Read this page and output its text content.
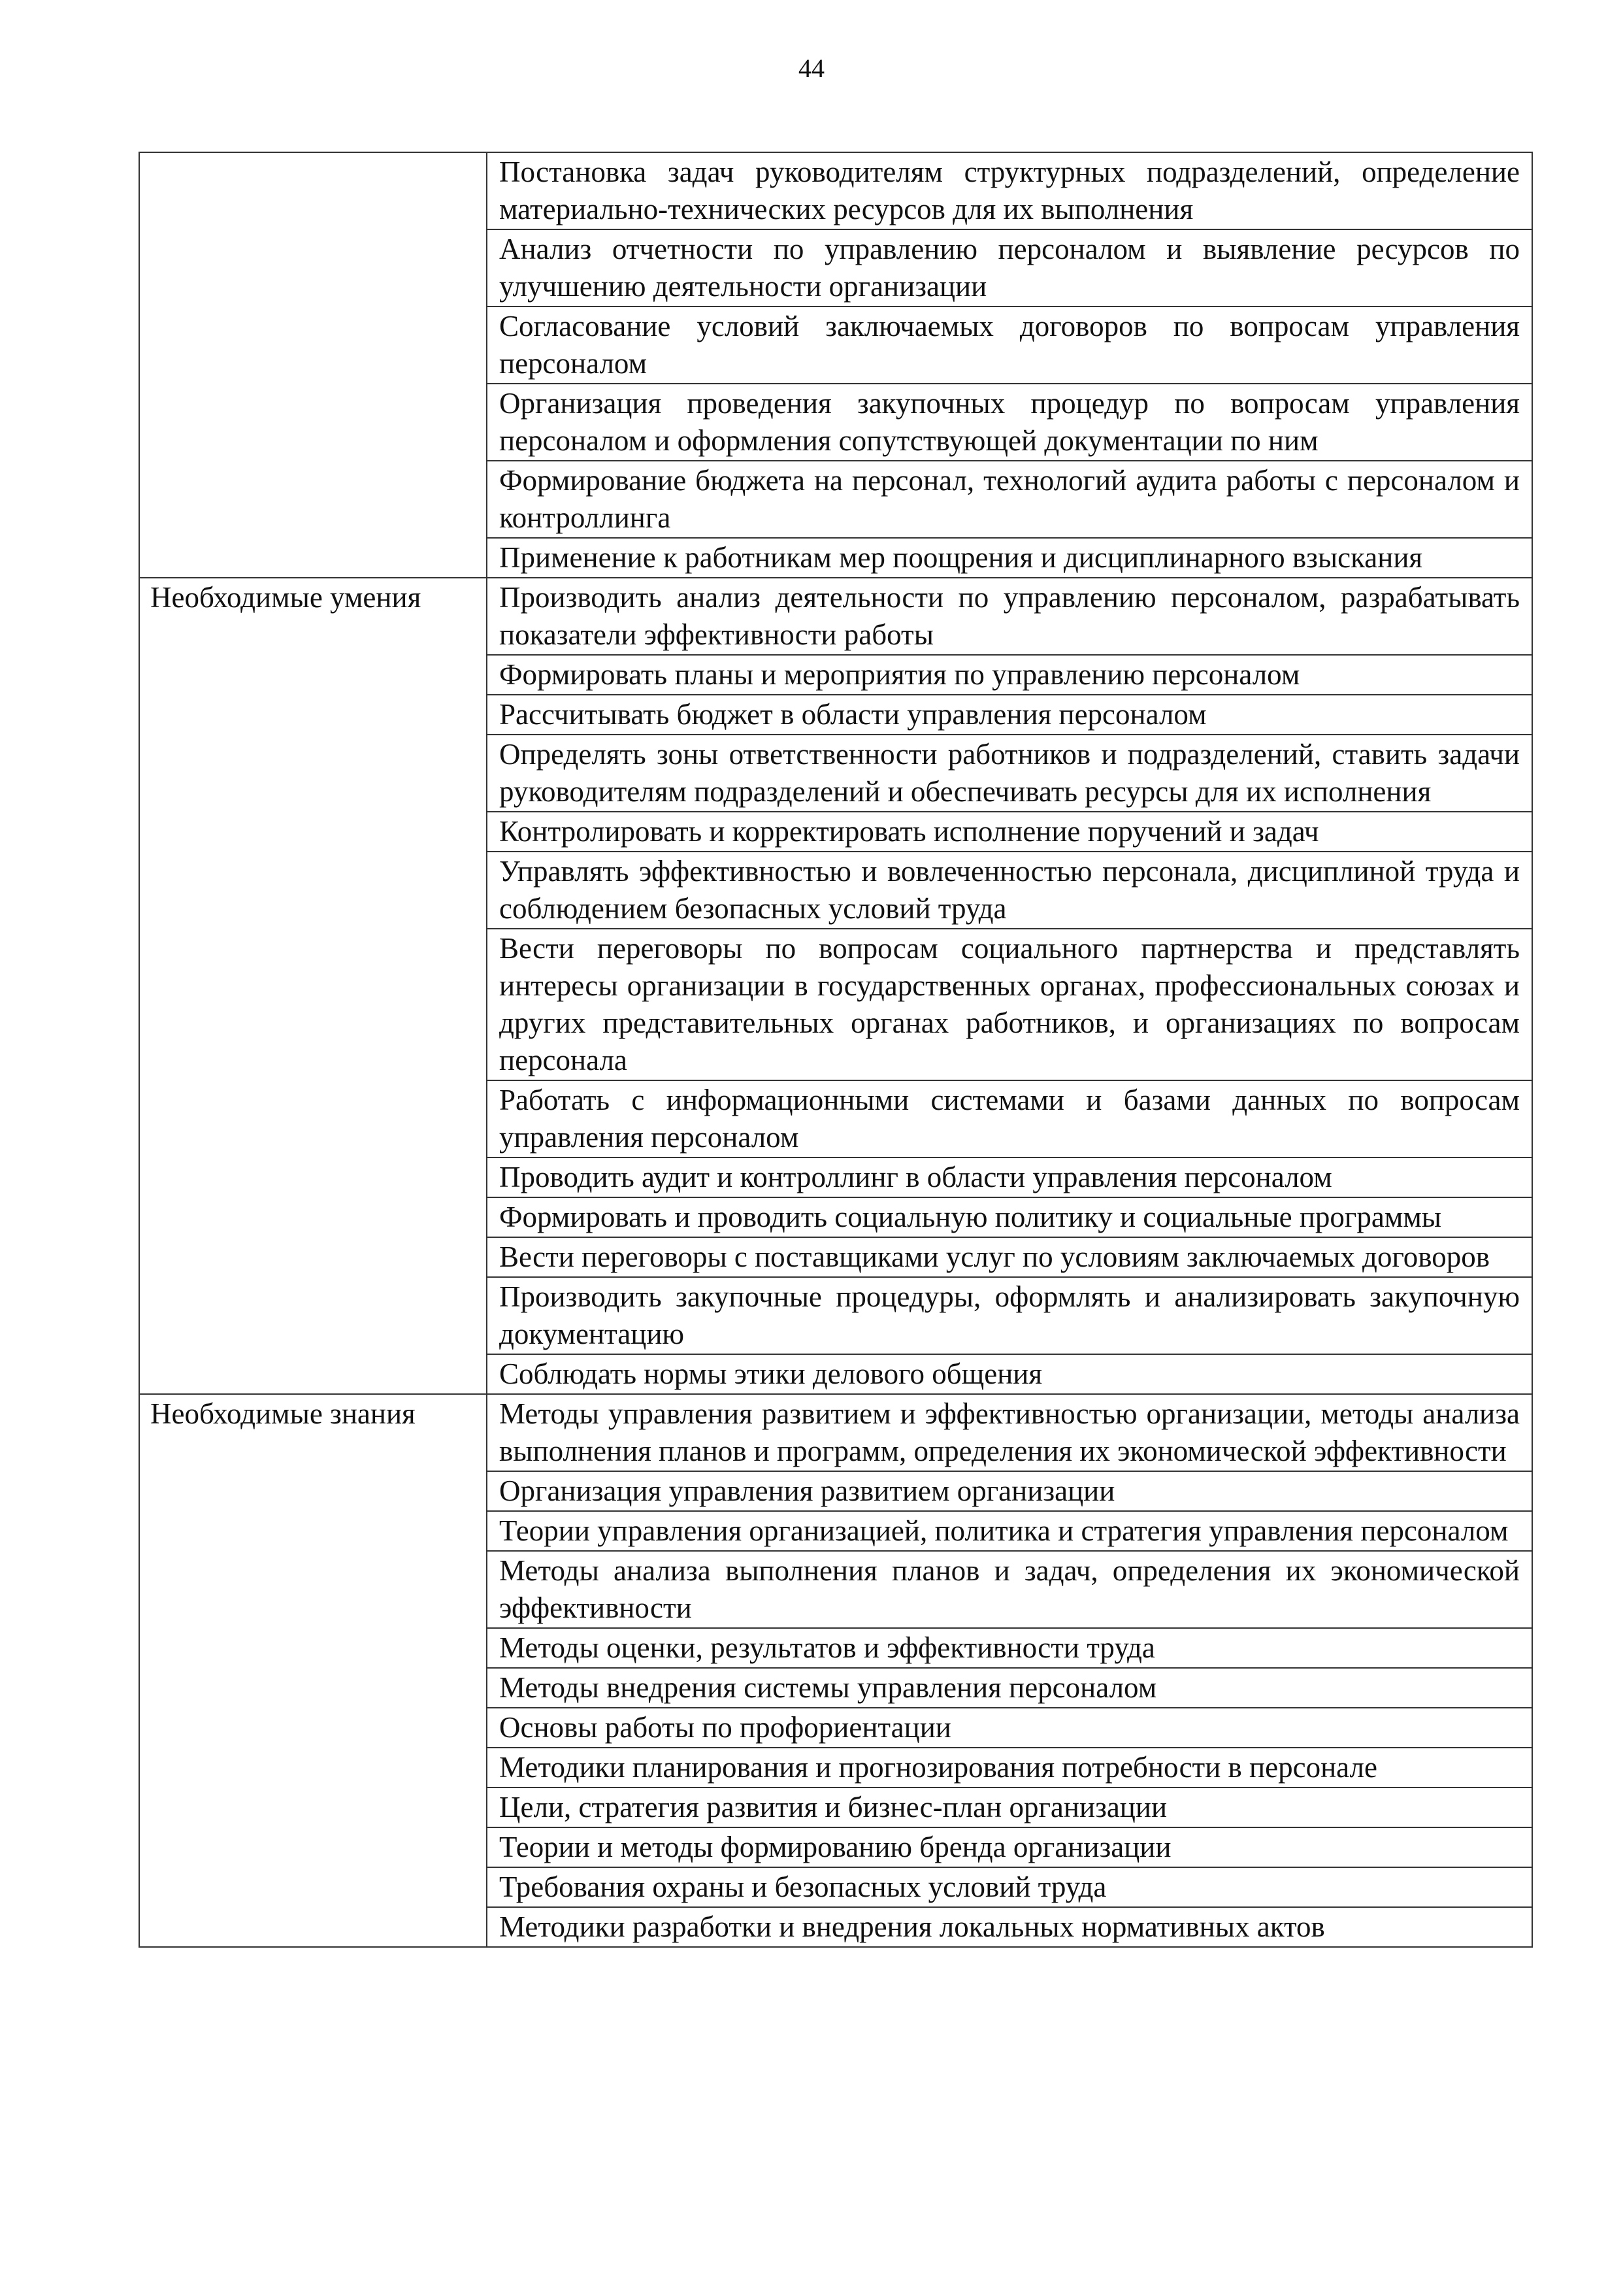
44
	Постановка задач руководителям структурных подразделений, определение материально-технических ресурсов для их выполнения
	Анализ отчетности по управлению персоналом и выявление ресурсов по улучшению деятельности организации
	Согласование условий заключаемых договоров по вопросам управления персоналом
	Организация проведения закупочных процедур по вопросам управления персоналом и оформления сопутствующей документации по ним
	Формирование бюджета на персонал, технологий аудита работы с персоналом и контроллинга
	Применение к работникам мер поощрения и дисциплинарного взыскания
Необходимые умения	Производить анализ деятельности по управлению персоналом, разрабатывать показатели эффективности работы
	Формировать планы и мероприятия по управлению персоналом
	Рассчитывать бюджет в области управления персоналом
	Определять зоны ответственности работников и подразделений, ставить задачи руководителям подразделений и обеспечивать ресурсы для их исполнения
	Контролировать и корректировать исполнение поручений и задач
	Управлять эффективностью и вовлеченностью персонала, дисциплиной труда и соблюдением безопасных условий труда
	Вести переговоры по вопросам социального партнерства и представлять интересы организации в государственных органах, профессиональных союзах и других представительных органах работников, и организациях по вопросам персонала
	Работать с информационными системами и базами данных по вопросам управления персоналом
	Проводить аудит и контроллинг в области управления персоналом
	Формировать и проводить социальную политику и социальные программы
	Вести переговоры с поставщиками услуг по условиям заключаемых договоров
	Производить закупочные процедуры, оформлять и анализировать закупочную документацию
	Соблюдать нормы этики делового общения
Необходимые знания	Методы управления развитием и эффективностью организации, методы анализа выполнения планов и программ, определения их экономической эффективности
	Организация управления развитием организации
	Теории управления организацией, политика и стратегия управления персоналом
	Методы анализа выполнения планов и задач, определения их экономической эффективности
	Методы оценки, результатов и эффективности труда
	Методы внедрения системы управления персоналом
	Основы работы по профориентации
	Методики планирования и прогнозирования потребности в персонале
	Цели, стратегия развития и бизнес-план организации
	Теории и методы формированию бренда организации
	Требования охраны и безопасных условий труда
	Методики разработки и внедрения локальных нормативных актов
